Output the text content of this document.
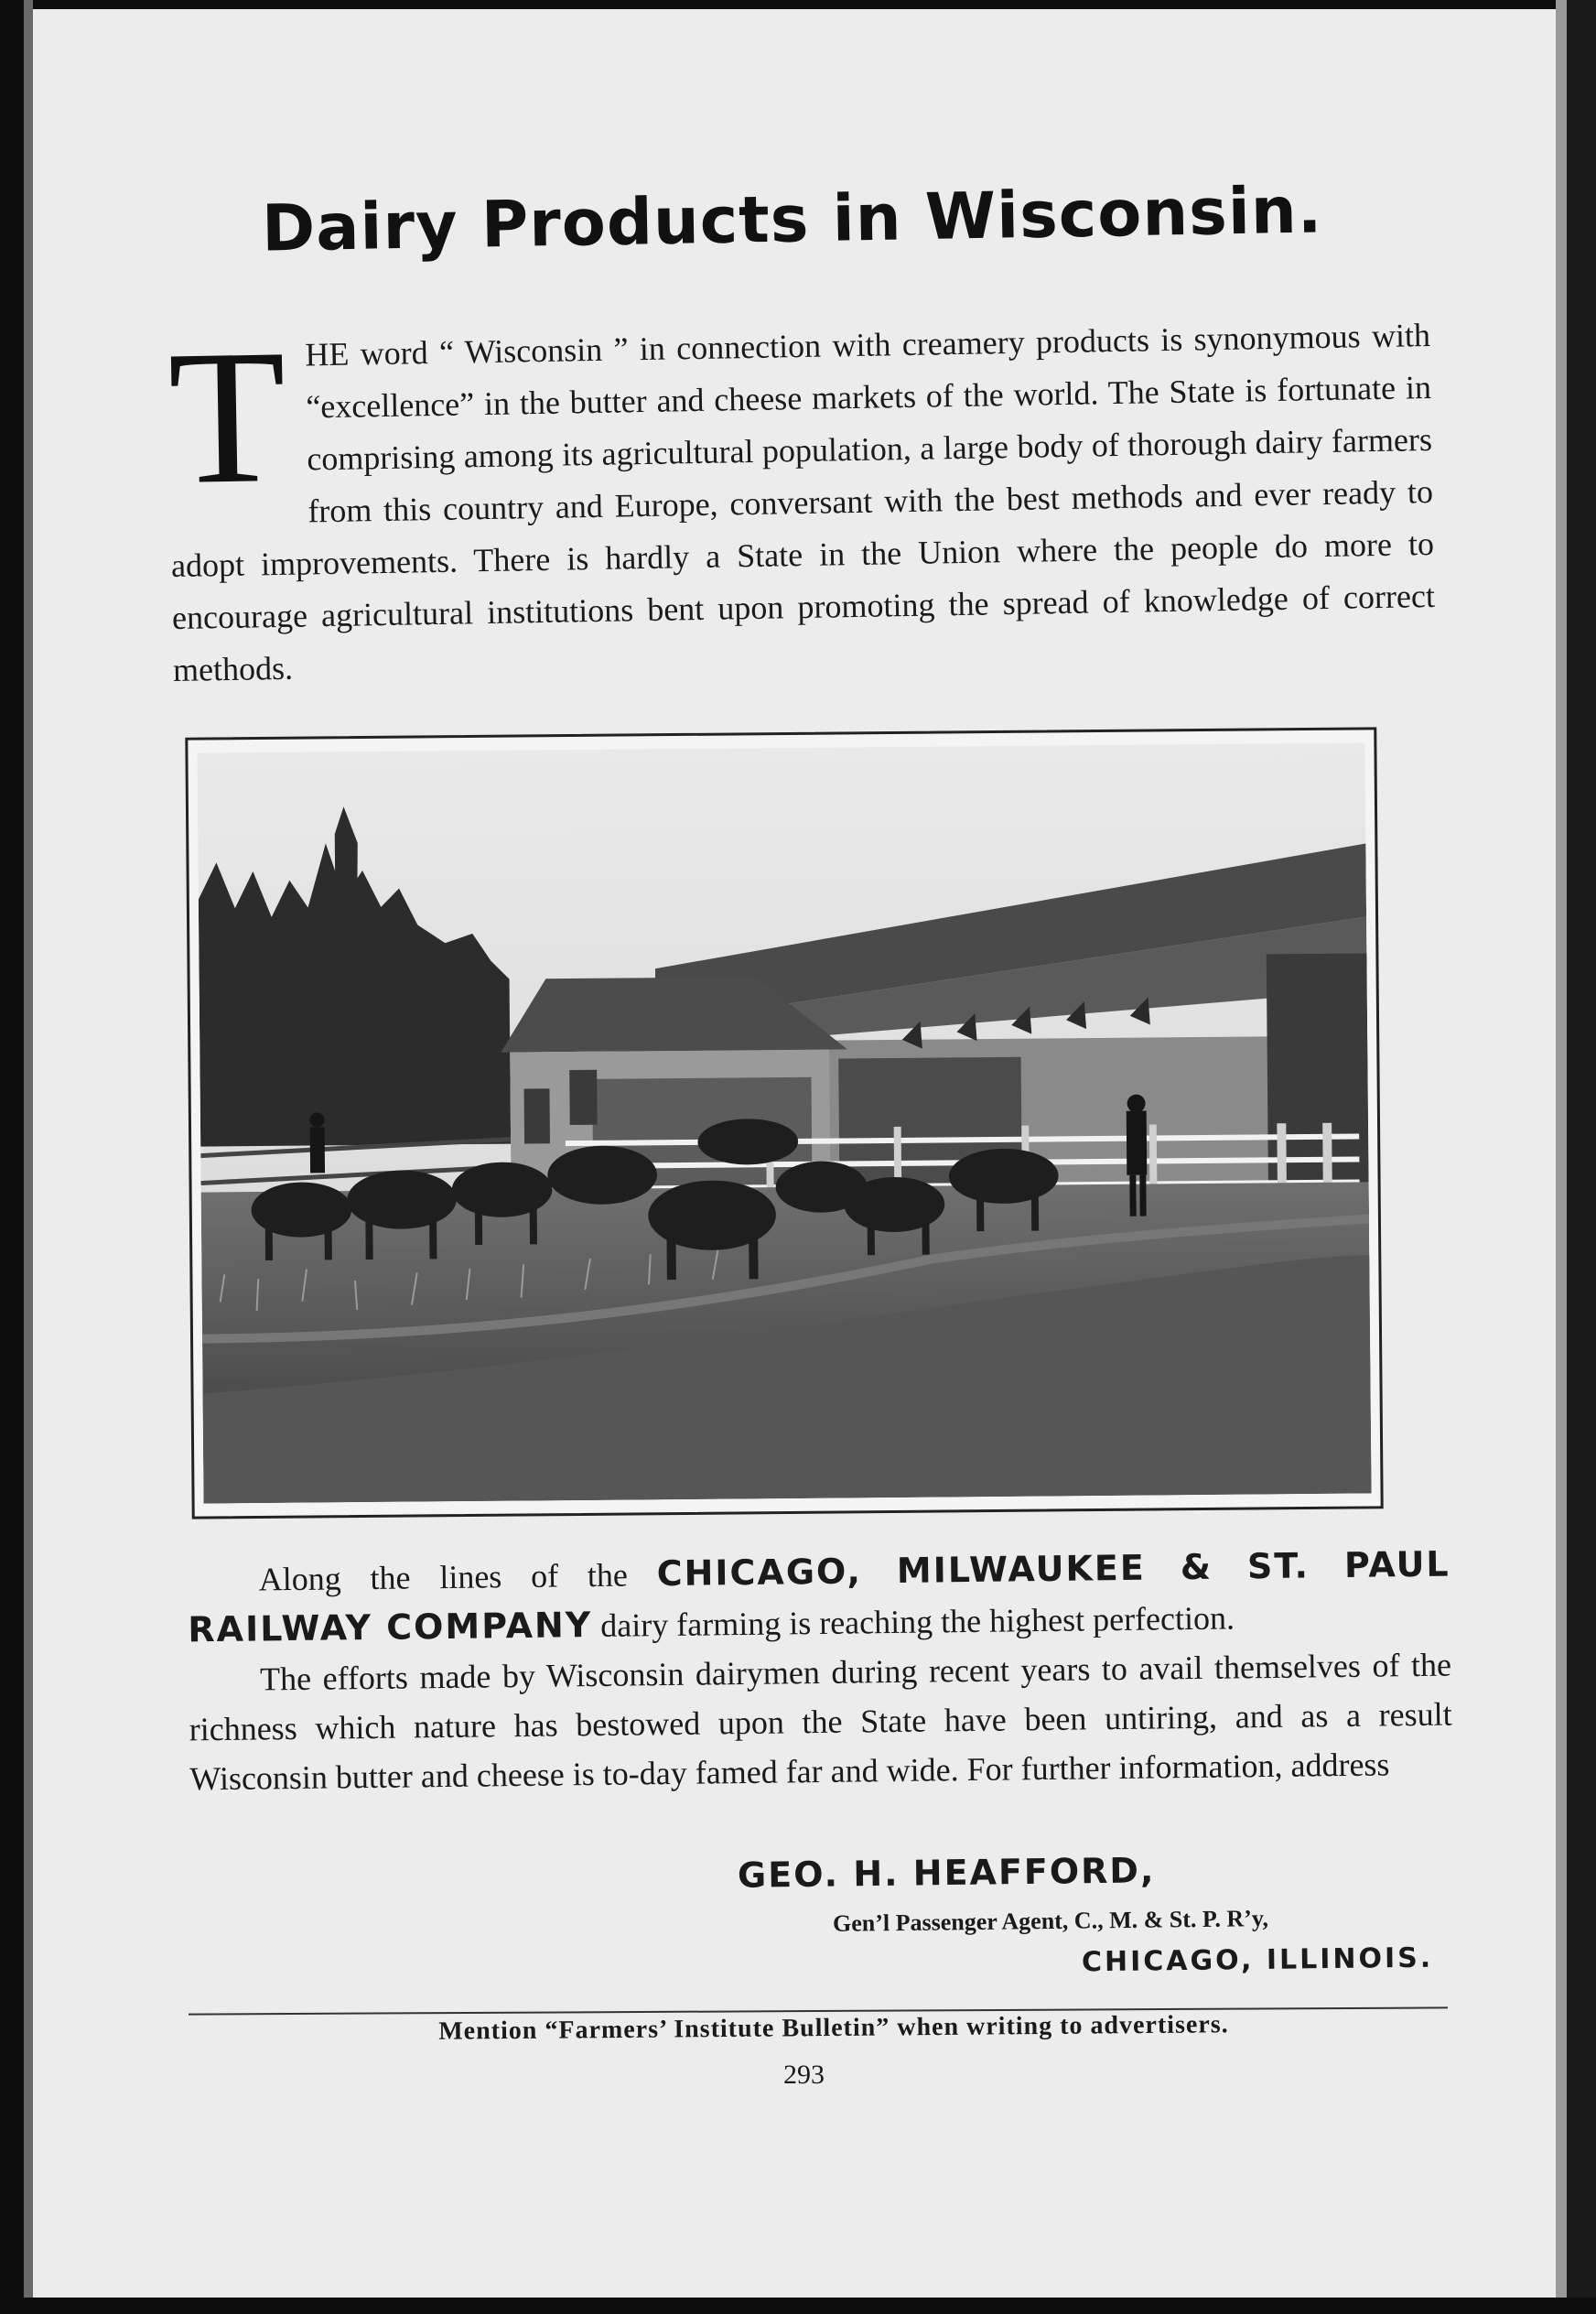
Dairy Products in Wisconsin.
T HE word “ Wisconsin ” in connection with creamery products is synonymous with “excellence” in the butter and cheese markets of the world. The State is fortunate in comprising among its agricultural population, a large body of thorough dairy farmers from this country and Europe, conversant with the best methods and ever ready to adopt improvements. There is hardly a State in the Union where the people do more to encourage agricultural institutions bent upon promoting the spread of knowledge of correct methods.
Along the lines of the CHICAGO, MILWAUKEE & ST. PAUL RAILWAY COMPANY dairy farming is reaching the highest perfection.
The efforts made by Wisconsin dairymen during recent years to avail themselves of the richness which nature has bestowed upon the State have been untiring, and as a result Wisconsin butter and cheese is to-day famed far and wide. For further information, address
GEO. H. HEAFFORD,
Gen’l Passenger Agent, C., M. & St. P. R’y,
CHICAGO, ILLINOIS.
Mention “Farmers’ Institute Bulletin” when writing to advertisers.
293
